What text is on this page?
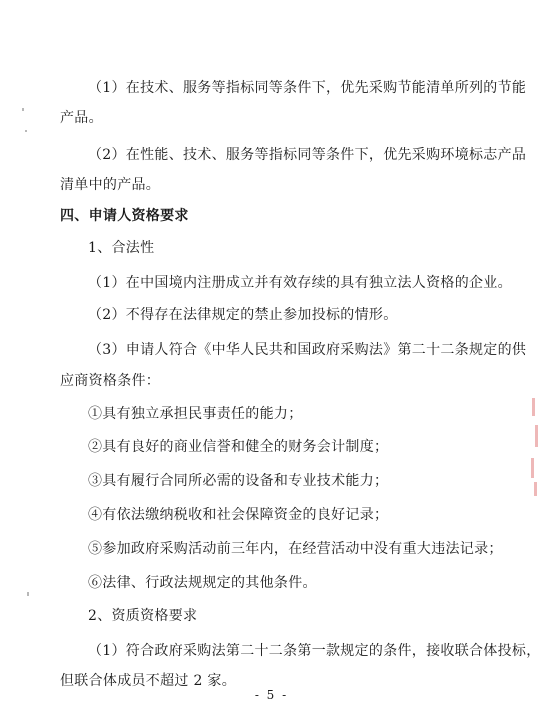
（1）在技术、服务等指标同等条件下，优先采购节能清单所列的节能
产品。
（2）在性能、技术、服务等指标同等条件下，优先采购环境标志产品
清单中的产品。
四、申请人资格要求
1、合法性
（1）在中国境内注册成立并有效存续的具有独立法人资格的企业。
（2）不得存在法律规定的禁止参加投标的情形。
（3）申请人符合《中华人民共和国政府采购法》第二十二条规定的供
应商资格条件：
①具有独立承担民事责任的能力；
②具有良好的商业信誉和健全的财务会计制度；
③具有履行合同所必需的设备和专业技术能力；
④有依法缴纳税收和社会保障资金的良好记录；
⑤参加政府采购活动前三年内，在经营活动中没有重大违法记录；
⑥法律、行政法规规定的其他条件。
2、资质资格要求
（1）符合政府采购法第二十二条第一款规定的条件，接收联合体投标，
但联合体成员不超过 2 家。
- 5 -
